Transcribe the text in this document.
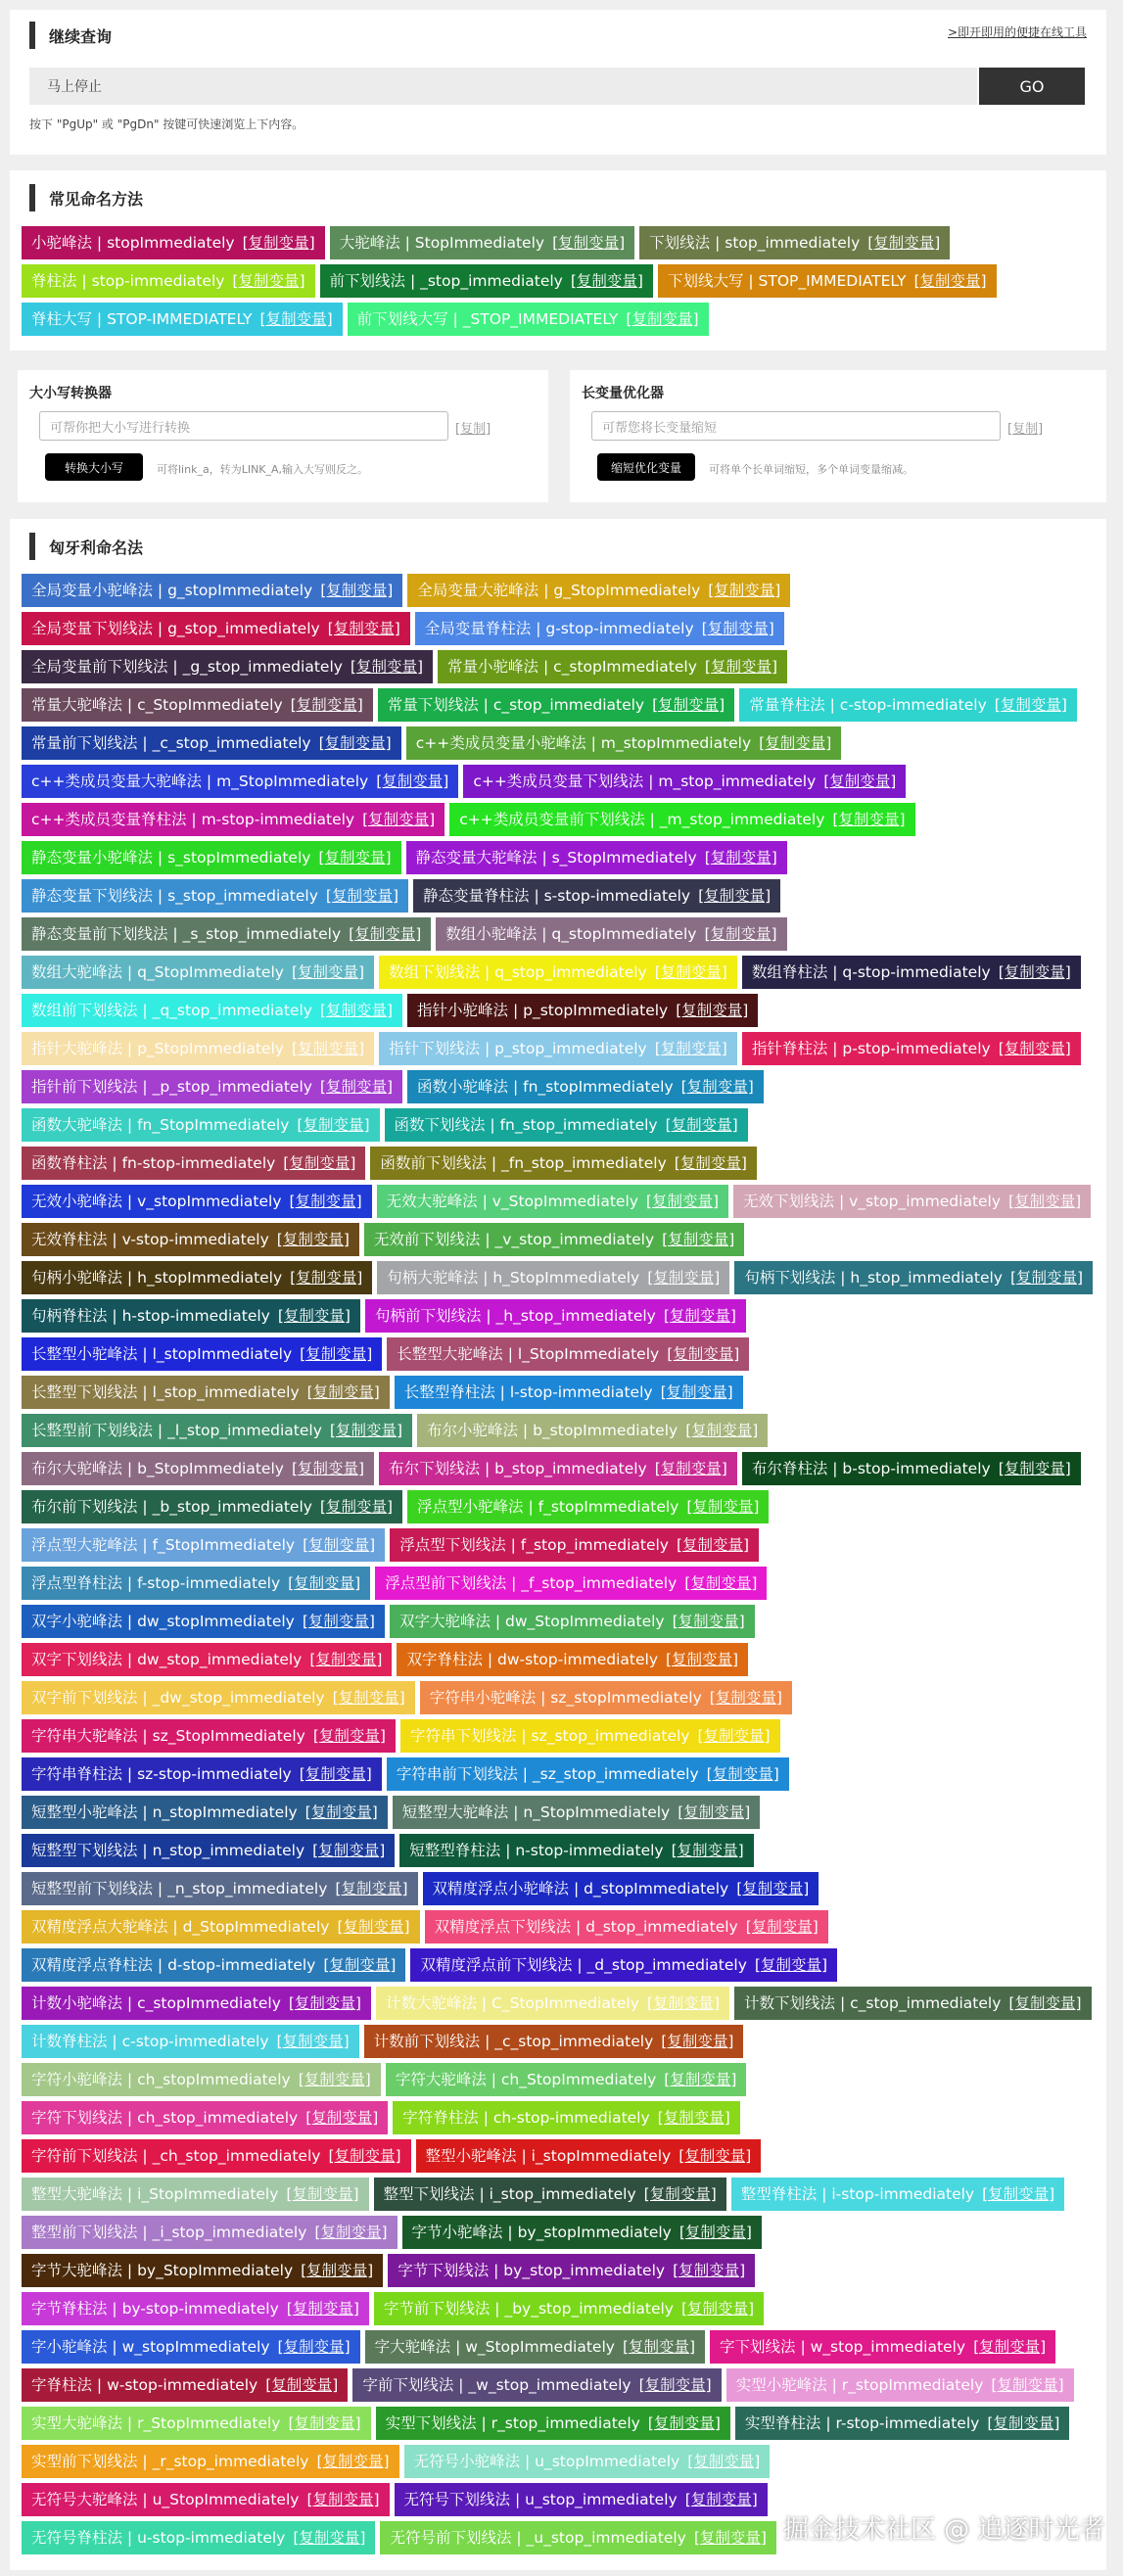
继续查询	>即开即用的便捷在线工具
马上停止	GO
按下 "PgUp" 或 "PgDn" 按键可快速浏览上下内容。
常见命名方法
小驼峰法 | stopImmediately [复制变量]	大驼峰法 | StopImmediately [复制变量]	下划线法 | stop_immediately [复制变量]
脊柱法 | stop-immediately [复制变量]	前下划线法 | _stop_immediately [复制变量]	下划线大写 | STOP_IMMEDIATELY [复制变量]
脊柱大写 | STOP-IMMEDIATELY [复制变量]	前下划线大写 | _STOP_IMMEDIATELY [复制变量]
大小写转换器
可帮你把大小写进行转换	[复制]
转换大小写	可将link_a，转为LINK_A,输入大写则反之。
长变量优化器
可帮您将长变量缩短	[复制]
缩短优化变量	可将单个长单词缩短，多个单词变量缩减。
匈牙利命名法
全局变量小驼峰法 | g_stopImmediately [复制变量]	全局变量大驼峰法 | g_StopImmediately [复制变量]
全局变量下划线法 | g_stop_immediately [复制变量]	全局变量脊柱法 | g-stop-immediately [复制变量]
全局变量前下划线法 | _g_stop_immediately [复制变量]	常量小驼峰法 | c_stopImmediately [复制变量]
常量大驼峰法 | c_StopImmediately [复制变量]	常量下划线法 | c_stop_immediately [复制变量]	常量脊柱法 | c-stop-immediately [复制变量]
常量前下划线法 | _c_stop_immediately [复制变量]	c++类成员变量小驼峰法 | m_stopImmediately [复制变量]
c++类成员变量大驼峰法 | m_StopImmediately [复制变量]	c++类成员变量下划线法 | m_stop_immediately [复制变量]
c++类成员变量脊柱法 | m-stop-immediately [复制变量]	c++类成员变量前下划线法 | _m_stop_immediately [复制变量]
静态变量小驼峰法 | s_stopImmediately [复制变量]	静态变量大驼峰法 | s_StopImmediately [复制变量]
静态变量下划线法 | s_stop_immediately [复制变量]	静态变量脊柱法 | s-stop-immediately [复制变量]
静态变量前下划线法 | _s_stop_immediately [复制变量]	数组小驼峰法 | q_stopImmediately [复制变量]
数组大驼峰法 | q_StopImmediately [复制变量]	数组下划线法 | q_stop_immediately [复制变量]	数组脊柱法 | q-stop-immediately [复制变量]
数组前下划线法 | _q_stop_immediately [复制变量]	指针小驼峰法 | p_stopImmediately [复制变量]
指针大驼峰法 | p_StopImmediately [复制变量]	指针下划线法 | p_stop_immediately [复制变量]	指针脊柱法 | p-stop-immediately [复制变量]
指针前下划线法 | _p_stop_immediately [复制变量]	函数小驼峰法 | fn_stopImmediately [复制变量]
函数大驼峰法 | fn_StopImmediately [复制变量]	函数下划线法 | fn_stop_immediately [复制变量]
函数脊柱法 | fn-stop-immediately [复制变量]	函数前下划线法 | _fn_stop_immediately [复制变量]
无效小驼峰法 | v_stopImmediately [复制变量]	无效大驼峰法 | v_StopImmediately [复制变量]	无效下划线法 | v_stop_immediately [复制变量]
无效脊柱法 | v-stop-immediately [复制变量]	无效前下划线法 | _v_stop_immediately [复制变量]
句柄小驼峰法 | h_stopImmediately [复制变量]	句柄大驼峰法 | h_StopImmediately [复制变量]	句柄下划线法 | h_stop_immediately [复制变量]
句柄脊柱法 | h-stop-immediately [复制变量]	句柄前下划线法 | _h_stop_immediately [复制变量]
长整型小驼峰法 | l_stopImmediately [复制变量]	长整型大驼峰法 | l_StopImmediately [复制变量]
长整型下划线法 | l_stop_immediately [复制变量]	长整型脊柱法 | l-stop-immediately [复制变量]
长整型前下划线法 | _l_stop_immediately [复制变量]	布尔小驼峰法 | b_stopImmediately [复制变量]
布尔大驼峰法 | b_StopImmediately [复制变量]	布尔下划线法 | b_stop_immediately [复制变量]	布尔脊柱法 | b-stop-immediately [复制变量]
布尔前下划线法 | _b_stop_immediately [复制变量]	浮点型小驼峰法 | f_stopImmediately [复制变量]
浮点型大驼峰法 | f_StopImmediately [复制变量]	浮点型下划线法 | f_stop_immediately [复制变量]
浮点型脊柱法 | f-stop-immediately [复制变量]	浮点型前下划线法 | _f_stop_immediately [复制变量]
双字小驼峰法 | dw_stopImmediately [复制变量]	双字大驼峰法 | dw_StopImmediately [复制变量]
双字下划线法 | dw_stop_immediately [复制变量]	双字脊柱法 | dw-stop-immediately [复制变量]
双字前下划线法 | _dw_stop_immediately [复制变量]	字符串小驼峰法 | sz_stopImmediately [复制变量]
字符串大驼峰法 | sz_StopImmediately [复制变量]	字符串下划线法 | sz_stop_immediately [复制变量]
字符串脊柱法 | sz-stop-immediately [复制变量]	字符串前下划线法 | _sz_stop_immediately [复制变量]
短整型小驼峰法 | n_stopImmediately [复制变量]	短整型大驼峰法 | n_StopImmediately [复制变量]
短整型下划线法 | n_stop_immediately [复制变量]	短整型脊柱法 | n-stop-immediately [复制变量]
短整型前下划线法 | _n_stop_immediately [复制变量]	双精度浮点小驼峰法 | d_stopImmediately [复制变量]
双精度浮点大驼峰法 | d_StopImmediately [复制变量]	双精度浮点下划线法 | d_stop_immediately [复制变量]
双精度浮点脊柱法 | d-stop-immediately [复制变量]	双精度浮点前下划线法 | _d_stop_immediately [复制变量]
计数小驼峰法 | c_stopImmediately [复制变量]	计数大驼峰法 | C_StopImmediately [复制变量]	计数下划线法 | c_stop_immediately [复制变量]
计数脊柱法 | c-stop-immediately [复制变量]	计数前下划线法 | _c_stop_immediately [复制变量]
字符小驼峰法 | ch_stopImmediately [复制变量]	字符大驼峰法 | ch_StopImmediately [复制变量]
字符下划线法 | ch_stop_immediately [复制变量]	字符脊柱法 | ch-stop-immediately [复制变量]
字符前下划线法 | _ch_stop_immediately [复制变量]	整型小驼峰法 | i_stopImmediately [复制变量]
整型大驼峰法 | i_StopImmediately [复制变量]	整型下划线法 | i_stop_immediately [复制变量]	整型脊柱法 | i-stop-immediately [复制变量]
整型前下划线法 | _i_stop_immediately [复制变量]	字节小驼峰法 | by_stopImmediately [复制变量]
字节大驼峰法 | by_StopImmediately [复制变量]	字节下划线法 | by_stop_immediately [复制变量]
字节脊柱法 | by-stop-immediately [复制变量]	字节前下划线法 | _by_stop_immediately [复制变量]
字小驼峰法 | w_stopImmediately [复制变量]	字大驼峰法 | w_StopImmediately [复制变量]	字下划线法 | w_stop_immediately [复制变量]
字脊柱法 | w-stop-immediately [复制变量]	字前下划线法 | _w_stop_immediately [复制变量]	实型小驼峰法 | r_stopImmediately [复制变量]
实型大驼峰法 | r_StopImmediately [复制变量]	实型下划线法 | r_stop_immediately [复制变量]	实型脊柱法 | r-stop-immediately [复制变量]
实型前下划线法 | _r_stop_immediately [复制变量]	无符号小驼峰法 | u_stopImmediately [复制变量]
无符号大驼峰法 | u_StopImmediately [复制变量]	无符号下划线法 | u_stop_immediately [复制变量]
无符号脊柱法 | u-stop-immediately [复制变量]	无符号前下划线法 | _u_stop_immediately [复制变量] 掘金技术社区 @ 追逐时光者
